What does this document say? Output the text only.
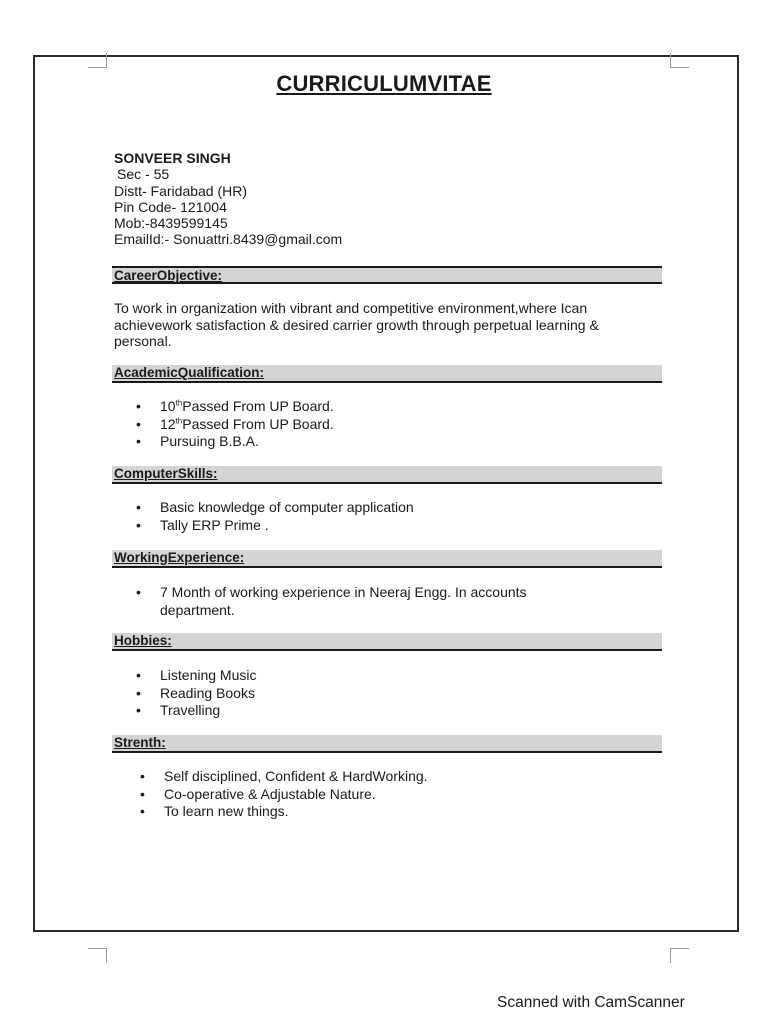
CURRICULUMVITAE
SONVEER SINGH
Sec - 55
Distt- Faridabad (HR)
Pin Code- 121004
Mob:-8439599145
EmailId:- Sonuattri.8439@gmail.com
CareerObjective:
To work in organization with vibrant and competitive environment,where Ican achievework satisfaction & desired carrier growth through perpetual learning & personal.
AcademicQualification:
• 10thPassed From UP Board.
• 12thPassed From UP Board.
• Pursuing B.B.A.
ComputerSkills:
• Basic knowledge of computer application
• Tally ERP Prime .
WorkingExperience:
• 7 Month of working experience in Neeraj Engg. In accounts department.
Hobbies:
• Listening Music
• Reading Books
• Travelling
Strenth:
• Self disciplined, Confident & HardWorking.
• Co-operative & Adjustable Nature.
• To learn new things.
Scanned with CamScanner
